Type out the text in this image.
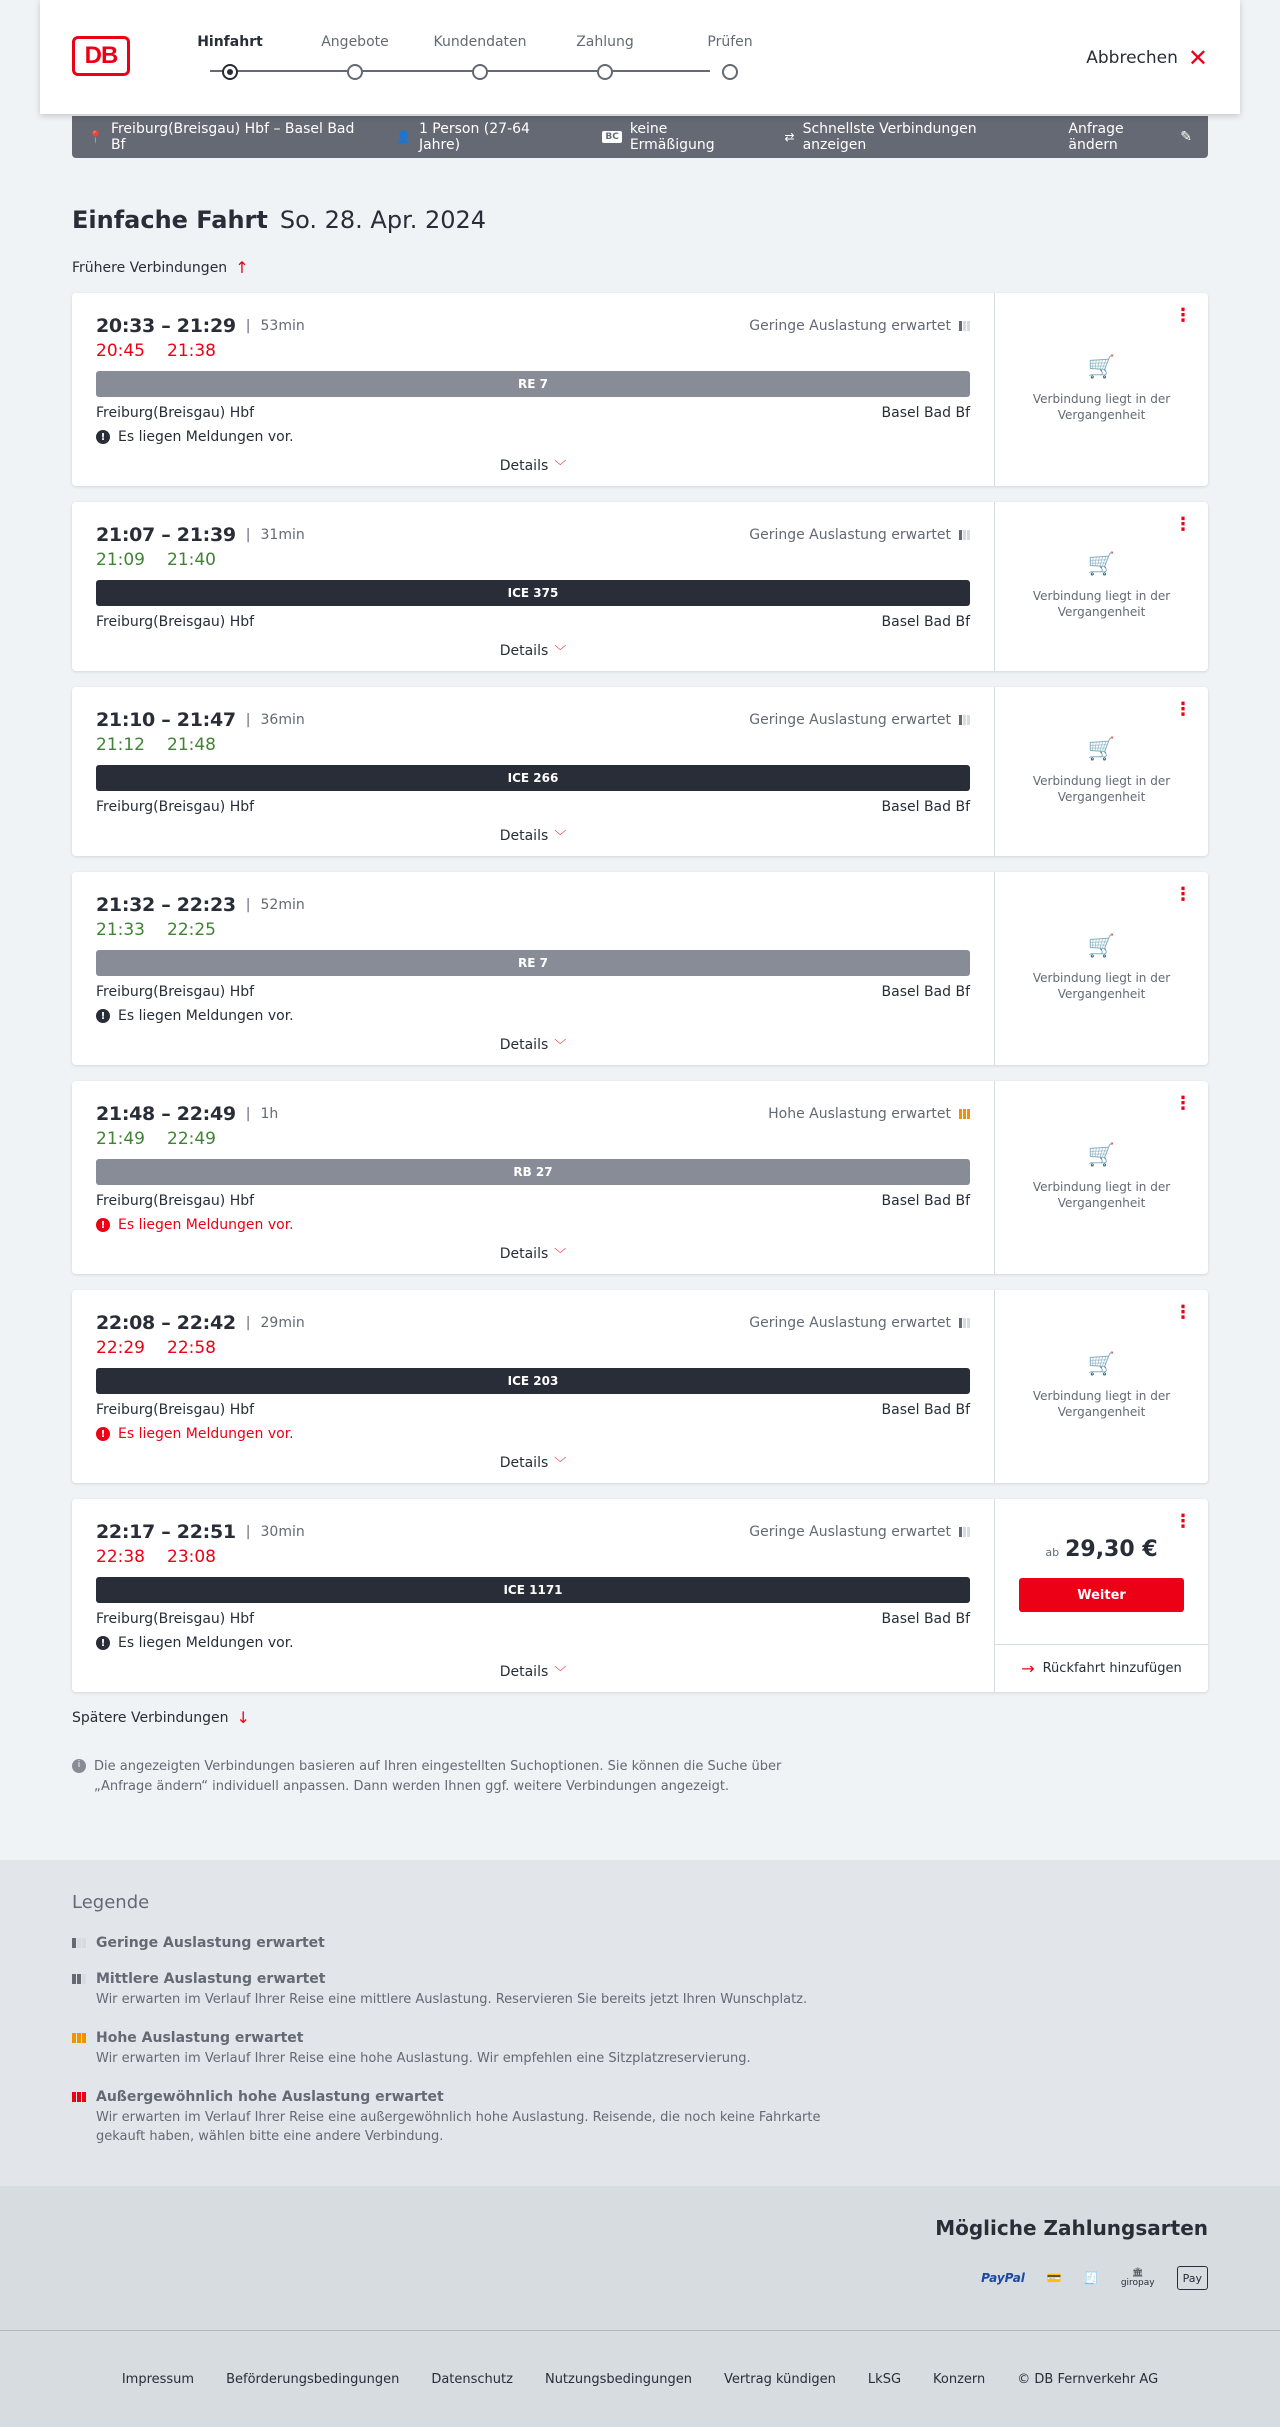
DB	Hinfahrt	Angebote	Kundendaten	Zahlung	Prüfen
Abbrechen ✕
📍 Freiburg(Breisgau) Hbf – Basel Bad Bf	👤 1 Person (27-64 Jahre)	BC keine Ermäßigung	⇄ Schnellste Verbindungen anzeigen
Anfrage ändern	✎
Einfache Fahrt So. 28. Apr. 2024
Frühere Verbindungen ↑
20:33 – 21:29 | 53min	Geringe Auslastung erwartet
20:45 21:38
RE 7
Freiburg(Breisgau) Hbf	Basel Bad Bf
! Es liegen Meldungen vor.
Details ﹀
⋮
🛒
Verbindung liegt in der Vergangenheit
21:07 – 21:39 | 31min	Geringe Auslastung erwartet
21:09 21:40
ICE 375
Freiburg(Breisgau) Hbf	Basel Bad Bf
Details ﹀
⋮
🛒
Verbindung liegt in der Vergangenheit
21:10 – 21:47 | 36min	Geringe Auslastung erwartet
21:12 21:48
ICE 266
Freiburg(Breisgau) Hbf	Basel Bad Bf
Details ﹀
⋮
🛒
Verbindung liegt in der Vergangenheit
21:32 – 22:23 | 52min
21:33 22:25
RE 7
Freiburg(Breisgau) Hbf	Basel Bad Bf
! Es liegen Meldungen vor.
Details ﹀
⋮
🛒
Verbindung liegt in der Vergangenheit
21:48 – 22:49 | 1h	Hohe Auslastung erwartet
21:49 22:49
RB 27
Freiburg(Breisgau) Hbf	Basel Bad Bf
! Es liegen Meldungen vor.
Details ﹀
⋮
🛒
Verbindung liegt in der Vergangenheit
22:08 – 22:42 | 29min	Geringe Auslastung erwartet
22:29 22:58
ICE 203
Freiburg(Breisgau) Hbf	Basel Bad Bf
! Es liegen Meldungen vor.
Details ﹀
⋮
🛒
Verbindung liegt in der Vergangenheit
22:17 – 22:51 | 30min	Geringe Auslastung erwartet
22:38 23:08
ICE 1171
Freiburg(Breisgau) Hbf	Basel Bad Bf
! Es liegen Meldungen vor.
Details ﹀
⋮
ab 29,30 €
Weiter
→ Rückfahrt hinzufügen
Spätere Verbindungen ↓
i	Die angezeigten Verbindungen basieren auf Ihren eingestellten Suchoptionen. Sie können die Suche über „Anfrage ändern“ individuell anpassen. Dann werden Ihnen ggf. weitere Verbindungen angezeigt.
Legende
Geringe Auslastung erwartet
Mittlere Auslastung erwartet
Wir erwarten im Verlauf Ihrer Reise eine mittlere Auslastung. Reservieren Sie bereits jetzt Ihren Wunschplatz.
Hohe Auslastung erwartet
Wir erwarten im Verlauf Ihrer Reise eine hohe Auslastung. Wir empfehlen eine Sitzplatzreservierung.
Außergewöhnlich hohe Auslastung erwartet
Wir erwarten im Verlauf Ihrer Reise eine außergewöhnlich hohe Auslastung. Reisende, die noch keine Fahrkarte gekauft haben, wählen bitte eine andere Verbindung.
Mögliche Zahlungsarten
PayPal 💳 🧾	🏛
giropay	Pay
Impressum Beförderungsbedingungen Datenschutz Nutzungsbedingungen Vertrag kündigen LkSG Konzern © DB Fernverkehr AG
